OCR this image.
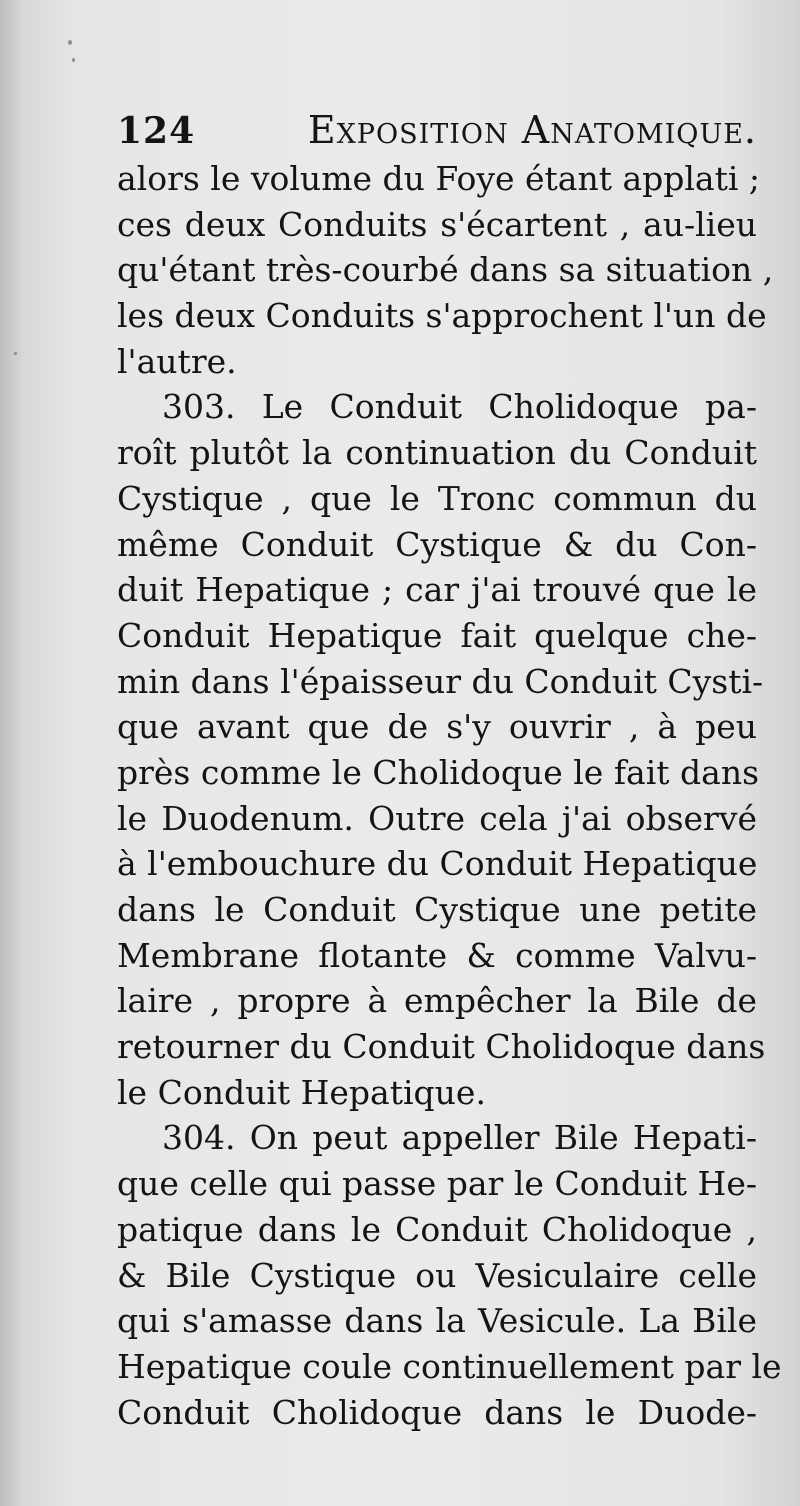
124	Exposition Anatomique.
alors le volume du Foye étant applati ;
ces deux Conduits s'écartent , au-lieu
qu'étant très-courbé dans sa situation ,
les deux Conduits s'approchent l'un de
l'autre.
303. Le Conduit Cholidoque pa-
roît plutôt la continuation du Conduit
Cystique , que le Tronc commun du
même Conduit Cystique & du Con-
duit Hepatique ; car j'ai trouvé que le
Conduit Hepatique fait quelque che-
min dans l'épaisseur du Conduit Cysti-
que avant que de s'y ouvrir , à peu
près comme le Cholidoque le fait dans
le Duodenum. Outre cela j'ai observé
à l'embouchure du Conduit Hepatique
dans le Conduit Cystique une petite
Membrane flotante & comme Valvu-
laire , propre à empêcher la Bile de
retourner du Conduit Cholidoque dans
le Conduit Hepatique.
304. On peut appeller Bile Hepati-
que celle qui passe par le Conduit He-
patique dans le Conduit Cholidoque ,
& Bile Cystique ou Vesiculaire celle
qui s'amasse dans la Vesicule. La Bile
Hepatique coule continuellement par le
Conduit Cholidoque dans le Duode-
